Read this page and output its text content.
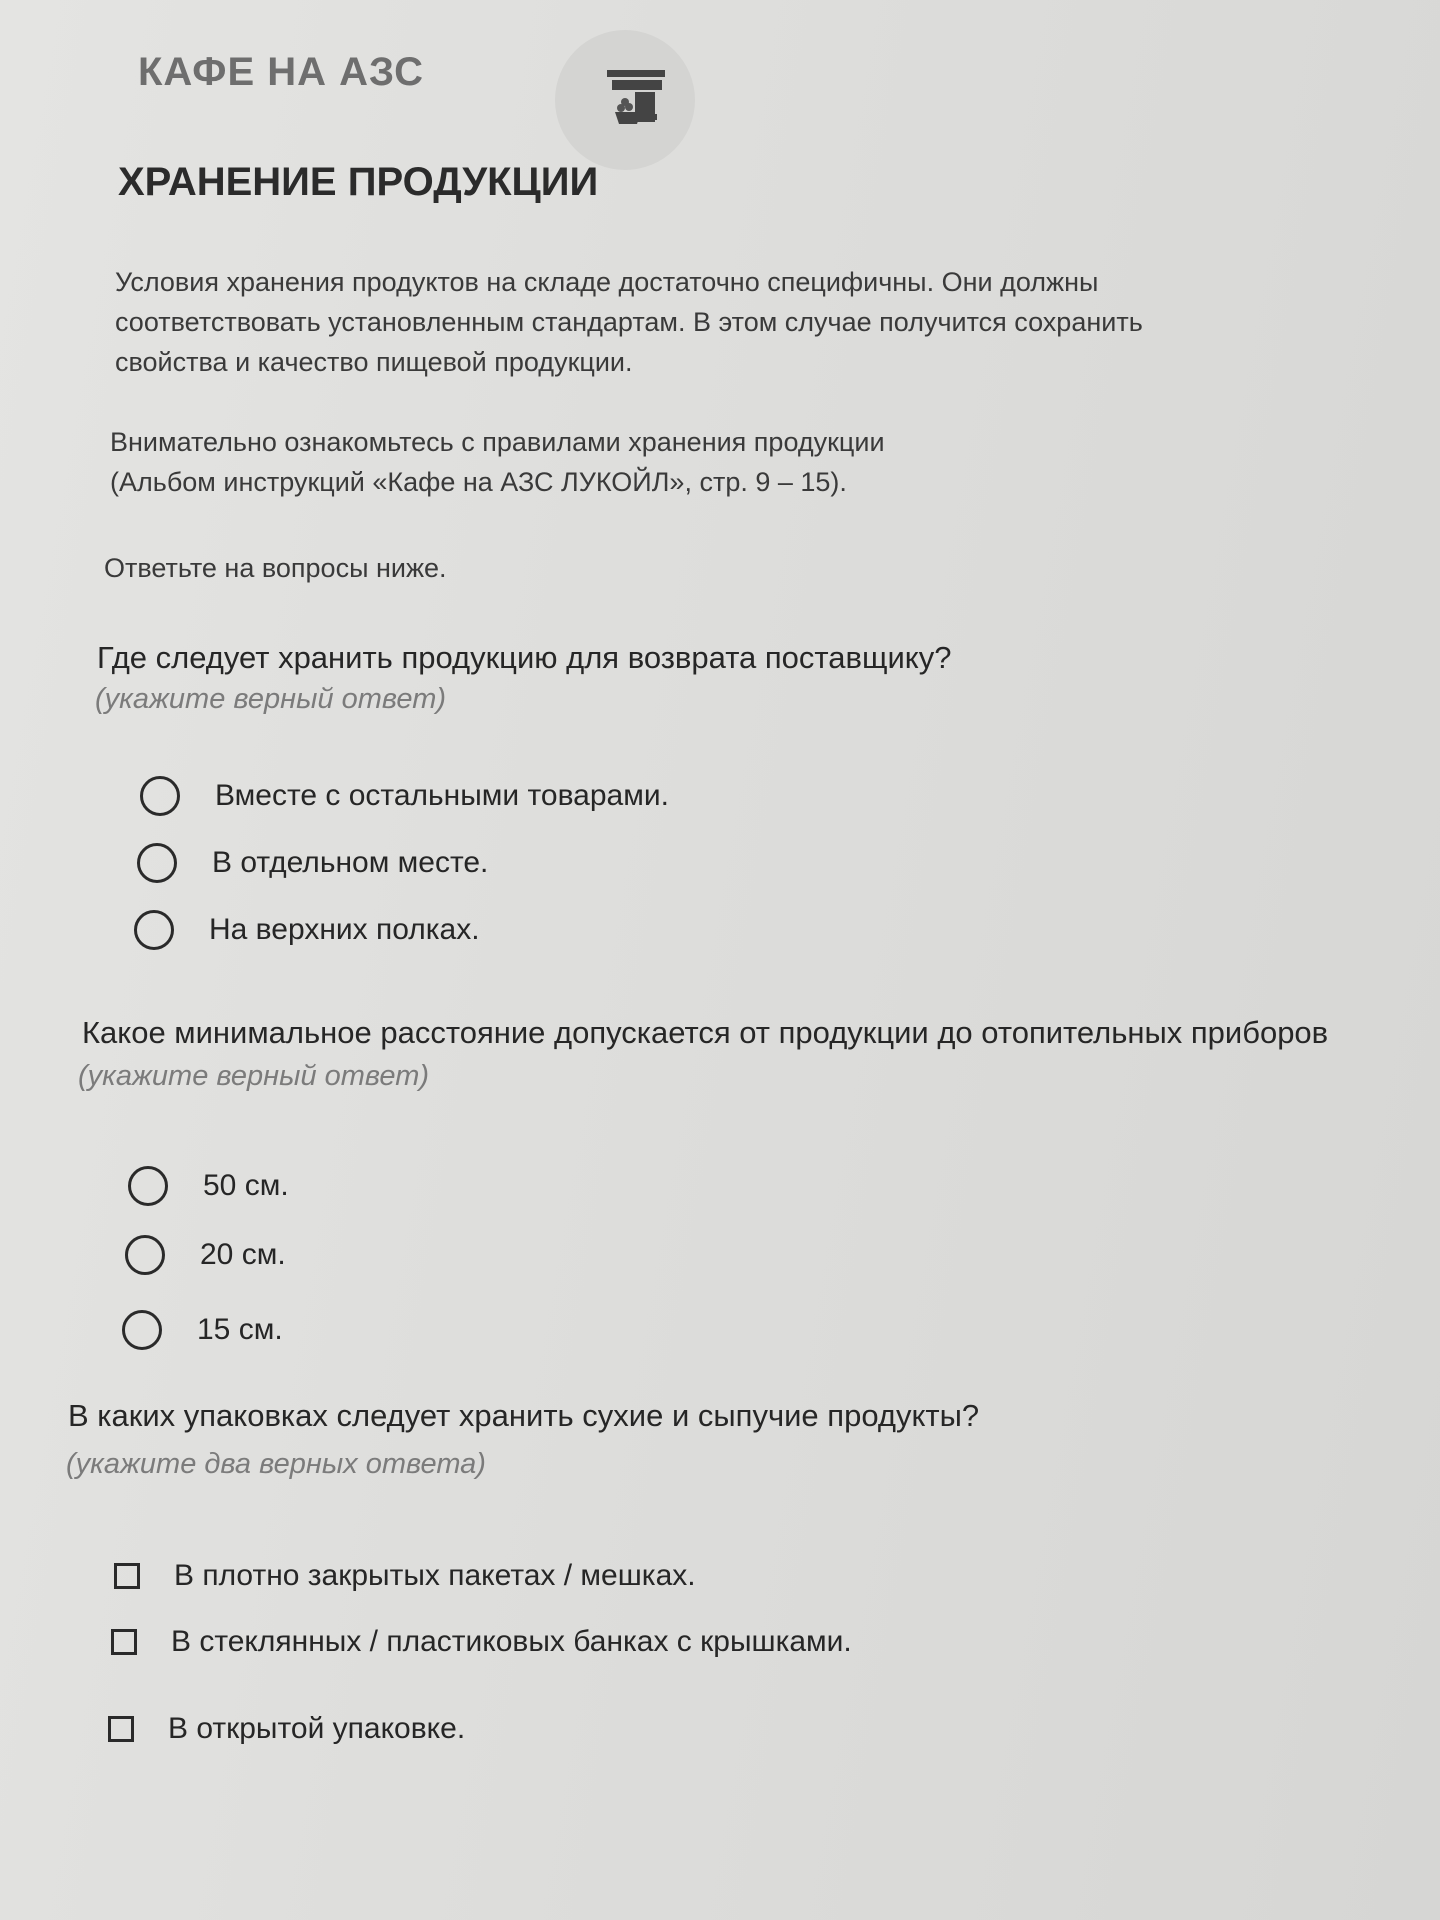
КАФЕ НА АЗС
ХРАНЕНИЕ ПРОДУКЦИИ
Условия хранения продуктов на складе достаточно специфичны. Они должны
соответствовать установленным стандартам. В этом случае получится сохранить
свойства и качество пищевой продукции.
Внимательно ознакомьтесь с правилами хранения продукции
(Альбом инструкций «Кафе на АЗС ЛУКОЙЛ», стр. 9 – 15).
Ответьте на вопросы ниже.
Где следует хранить продукцию для возврата поставщику?
(укажите верный ответ)
Вместе с остальными товарами.
В отдельном месте.
На верхних полках.
Какое минимальное расстояние допускается от продукции до отопительных приборов
(укажите верный ответ)
50 см.
20 см.
15 см.
В каких упаковках следует хранить сухие и сыпучие продукты?
(укажите два верных ответа)
В плотно закрытых пакетах / мешках.
В стеклянных / пластиковых банках с крышками.
В открытой упаковке.
